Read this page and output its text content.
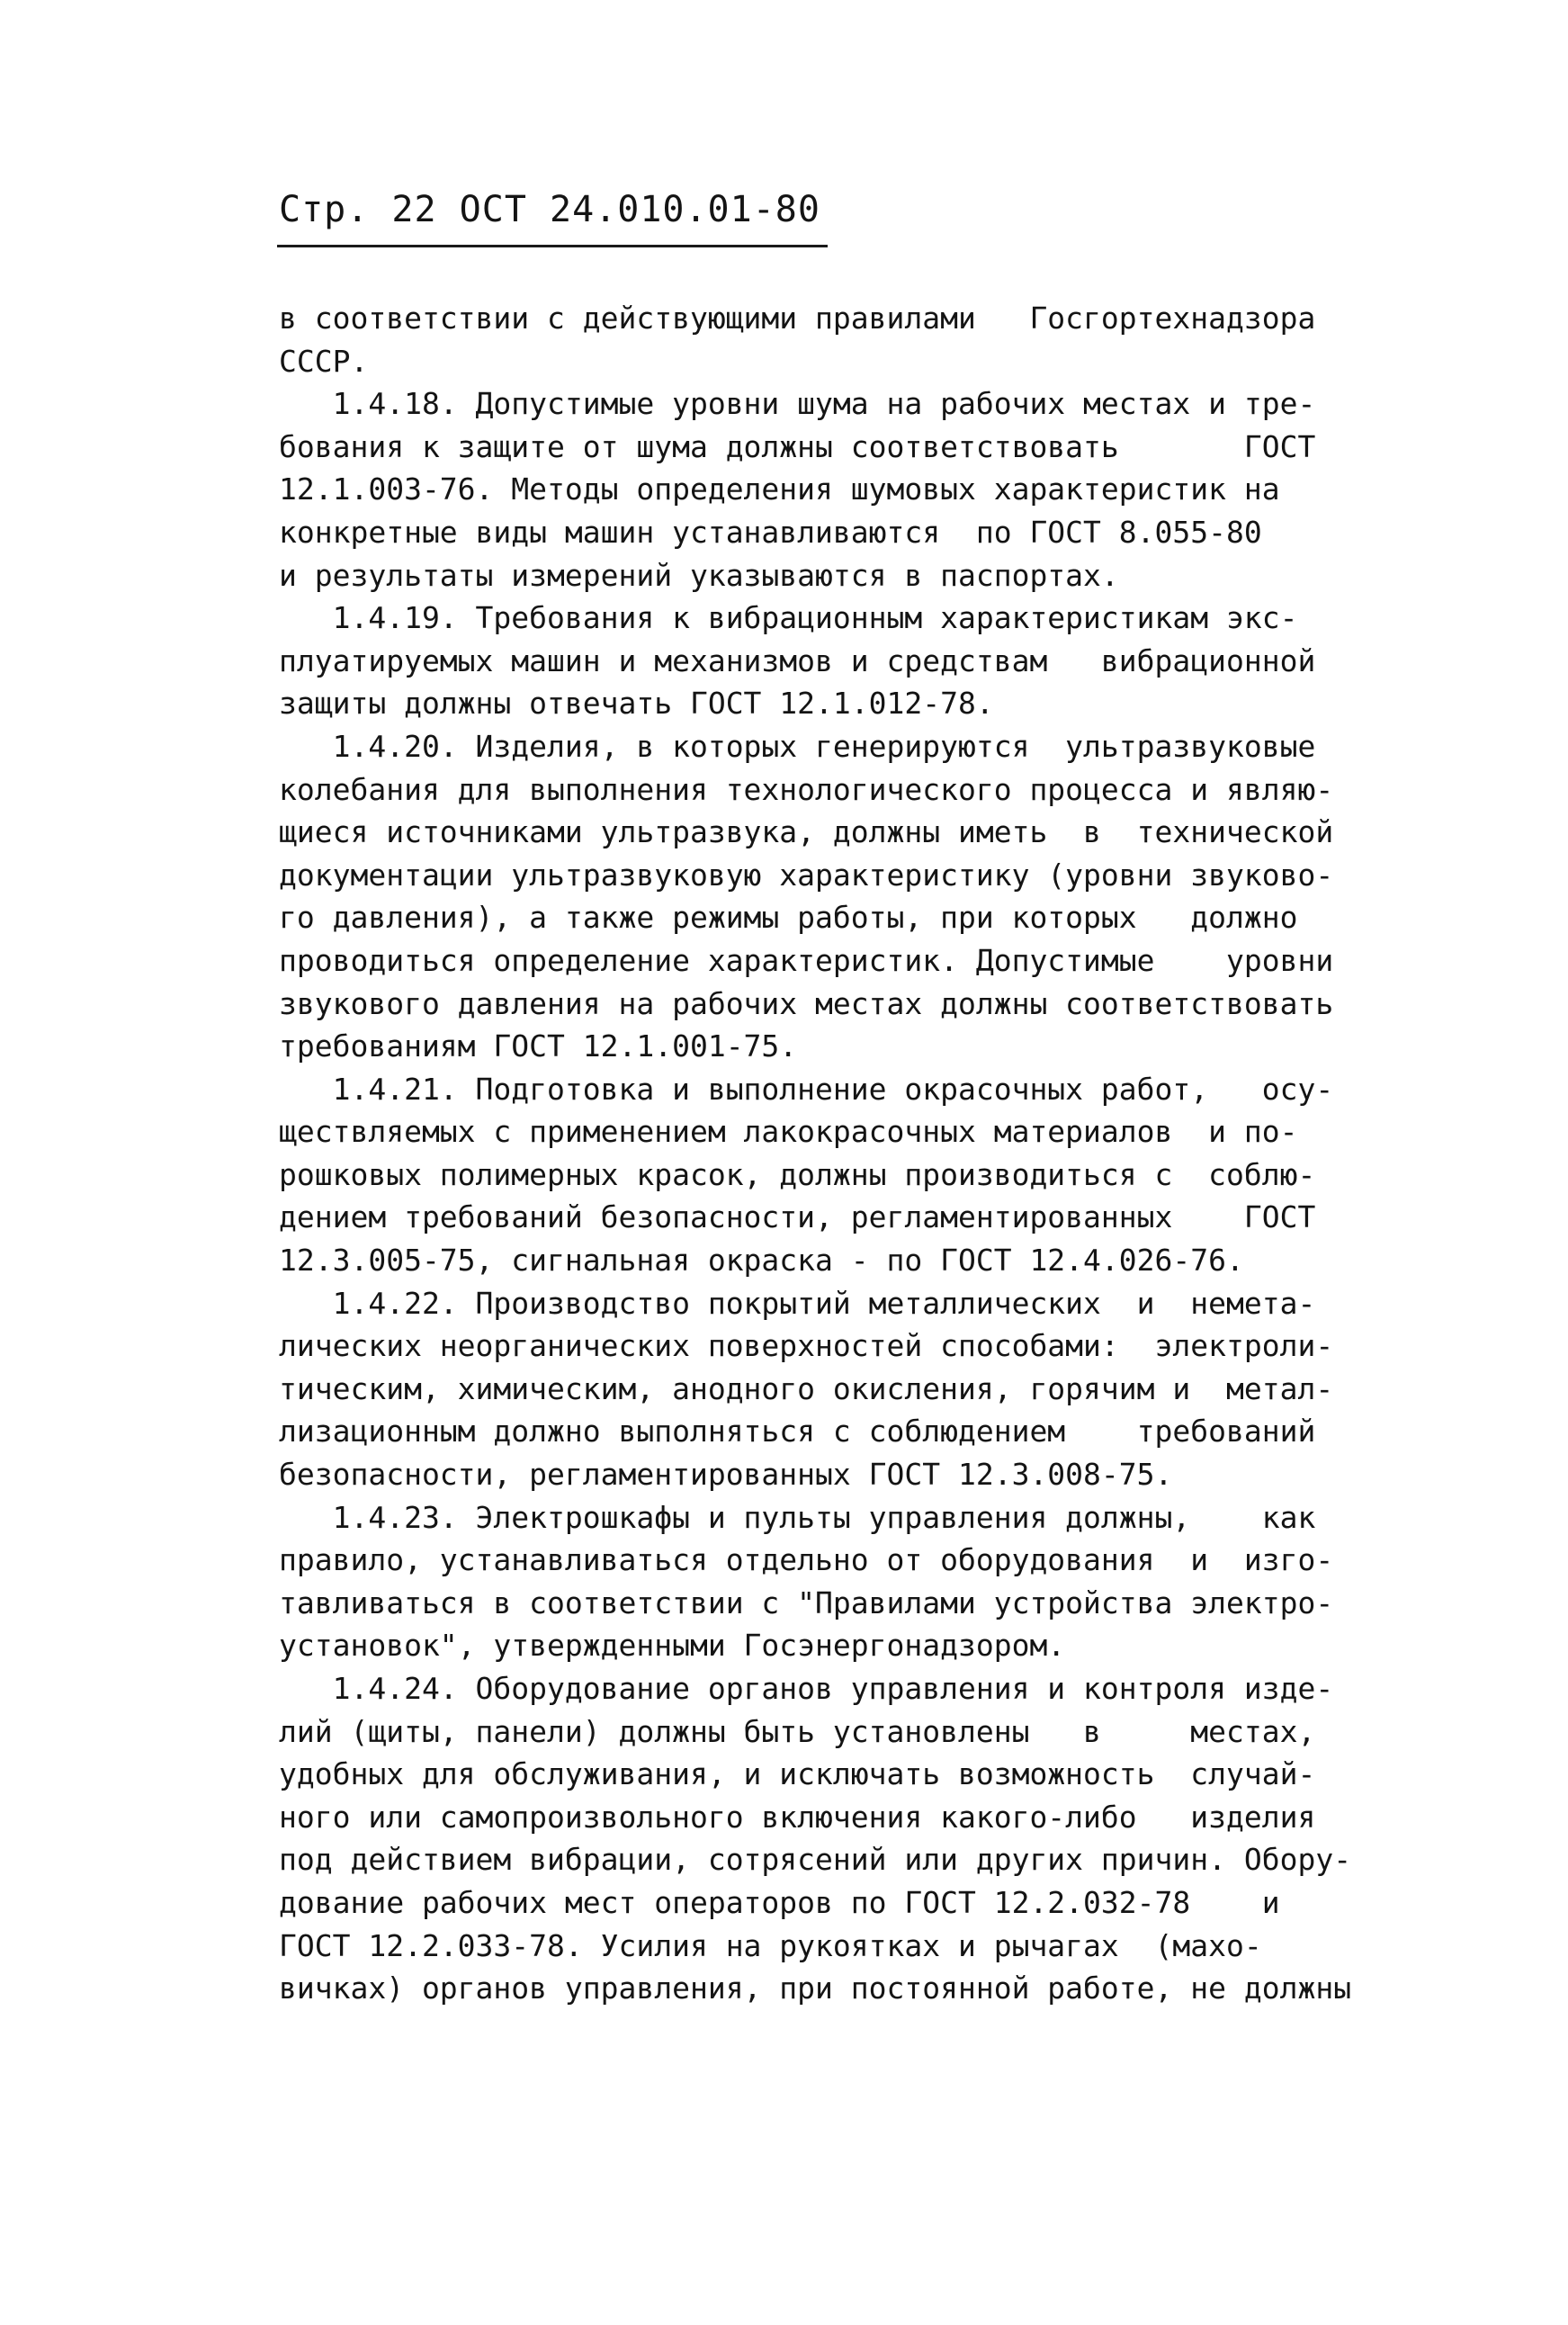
Стр. 22 ОСТ 24.010.01-80
в соответствии с действующими правилами   Госгортехнадзора
СССР.
1.4.18. Допустимые уровни шума на рабочих местах и тре-
бования к защите от шума должны соответствовать       ГОСТ
12.1.003-76. Методы определения шумовых характеристик на
конкретные виды машин устанавливаются  по ГОСТ 8.055-80
и результаты измерений указываются в паспортах.
1.4.19. Требования к вибрационным характеристикам экс-
плуатируемых машин и механизмов и средствам   вибрационной
защиты должны отвечать ГОСТ 12.1.012-78.
1.4.20. Изделия, в которых генерируются  ультразвуковые
колебания для выполнения технологического процесса и являю-
щиеся источниками ультразвука, должны иметь  в  технической
документации ультразвуковую характеристику (уровни звуково-
го давления), а также режимы работы, при которых   должно
проводиться определение характеристик. Допустимые    уровни
звукового давления на рабочих местах должны соответствовать
требованиям ГОСТ 12.1.001-75.
1.4.21. Подготовка и выполнение окрасочных работ,   осу-
ществляемых с применением лакокрасочных материалов  и по-
рошковых полимерных красок, должны производиться с  соблю-
дением требований безопасности, регламентированных    ГОСТ
12.3.005-75, сигнальная окраска - по ГОСТ 12.4.026-76.
1.4.22. Производство покрытий металлических  и  немета-
лических неорганических поверхностей способами:  электроли-
тическим, химическим, анодного окисления, горячим и  метал-
лизационным должно выполняться с соблюдением    требований
безопасности, регламентированных ГОСТ 12.3.008-75.
1.4.23. Электрошкафы и пульты управления должны,    как
правило, устанавливаться отдельно от оборудования  и  изго-
тавливаться в соответствии с "Правилами устройства электро-
установок", утвержденными Госэнергонадзором.
1.4.24. Оборудование органов управления и контроля изде-
лий (щиты, панели) должны быть установлены   в     местах,
удобных для обслуживания, и исключать возможность  случай-
ного или самопроизвольного включения какого-либо   изделия
под действием вибрации, сотрясений или других причин. Обору-
дование рабочих мест операторов по ГОСТ 12.2.032-78    и
ГОСТ 12.2.033-78. Усилия на рукоятках и рычагах  (махо-
вичках) органов управления, при постоянной работе, не должны
